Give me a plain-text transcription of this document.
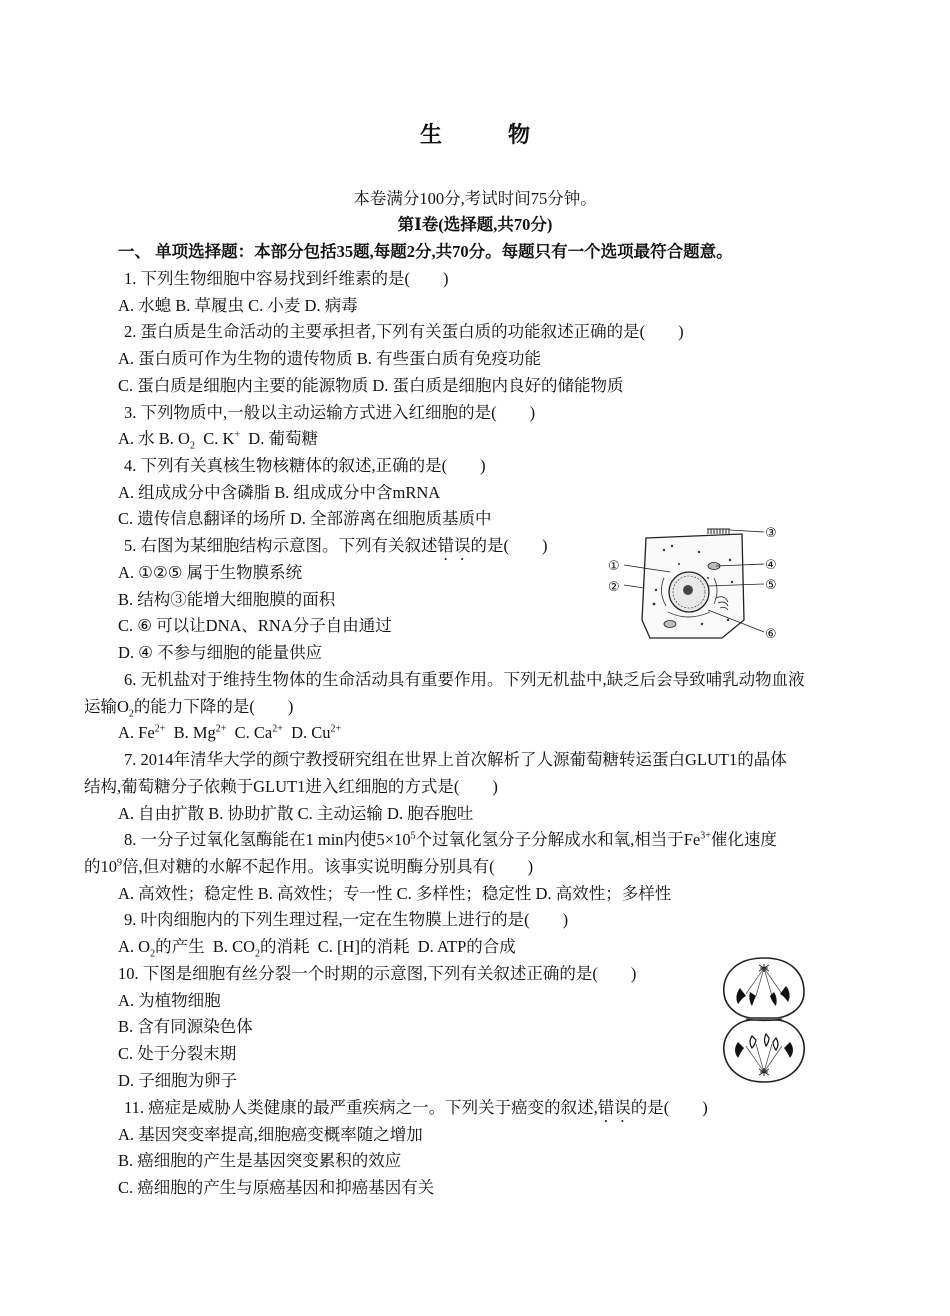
生　物
本卷满分100分,考试时间75分钟。
第Ⅰ卷(选择题,共70分)
一、 单项选择题：本部分包括35题,每题2分,共70分。每题只有一个选项最符合题意。
1. 下列生物细胞中容易找到纤维素的是(　　)
A. 水螅 B. 草履虫 C. 小麦 D. 病毒
2. 蛋白质是生命活动的主要承担者,下列有关蛋白质的功能叙述正确的是(　　)
A. 蛋白质可作为生物的遗传物质 B. 有些蛋白质有免疫功能
C. 蛋白质是细胞内主要的能源物质 D. 蛋白质是细胞内良好的储能物质
3. 下列物质中,一般以主动运输方式进入红细胞的是(　　)
A. 水 B. $O_2$  C. K+  D. 葡萄糖
4. 下列有关真核生物核糖体的叙述,正确的是(　　)
A. 组成成分中含磷脂 B. 组成成分中含mRNA
C. 遗传信息翻译的场所 D. 全部游离在细胞质基质中
5. 右图为某细胞结构示意图。下列有关叙述错误的是(　　)
A. ①②⑤ 属于生物膜系统
B. 结构③能增大细胞膜的面积
C. ⑥ 可以让DNA、RNA分子自由通过
D. ④ 不参与细胞的能量供应
③
①
②
④
⑤
⑥
6. 无机盐对于维持生物体的生命活动具有重要作用。下列无机盐中,缺乏后会导致哺乳动物血液
运输$O_2$的能力下降的是(　　)
A. $Fe^{2+}$  B. $Mg^{2+}$  C. $Ca^{2+}$  D. $Cu^{2+}$
7. 2014年清华大学的颜宁教授研究组在世界上首次解析了人源葡萄糖转运蛋白GLUT1的晶体
结构,葡萄糖分子依赖于GLUT1进入红细胞的方式是(　　)
A. 自由扩散 B. 协助扩散 C. 主动运输 D. 胞吞胞吐
8. 一分子过氧化氢酶能在1 min内使$5\times 10^5$个过氧化氢分子分解成水和氧,相当于$Fe^{3+}$催化速度
的$10^9$倍,但对糖的水解不起作用。该事实说明酶分别具有(　　)
A. 高效性；稳定性 B. 高效性；专一性 C. 多样性；稳定性 D. 高效性；多样性
9. 叶肉细胞内的下列生理过程,一定在生物膜上进行的是(　　)
A. $O_2$的产生  B. $CO_2$的消耗  C. [H]的消耗  D. ATP的合成
10. 下图是细胞有丝分裂一个时期的示意图,下列有关叙述正确的是(　　)
A. 为植物细胞
B. 含有同源染色体
C. 处于分裂末期
D. 子细胞为卵子
11. 癌症是威胁人类健康的最严重疾病之一。下列关于癌变的叙述,错误的是(　　)
A. 基因突变率提高,细胞癌变概率随之增加
B. 癌细胞的产生是基因突变累积的效应
C. 癌细胞的产生与原癌基因和抑癌基因有关
